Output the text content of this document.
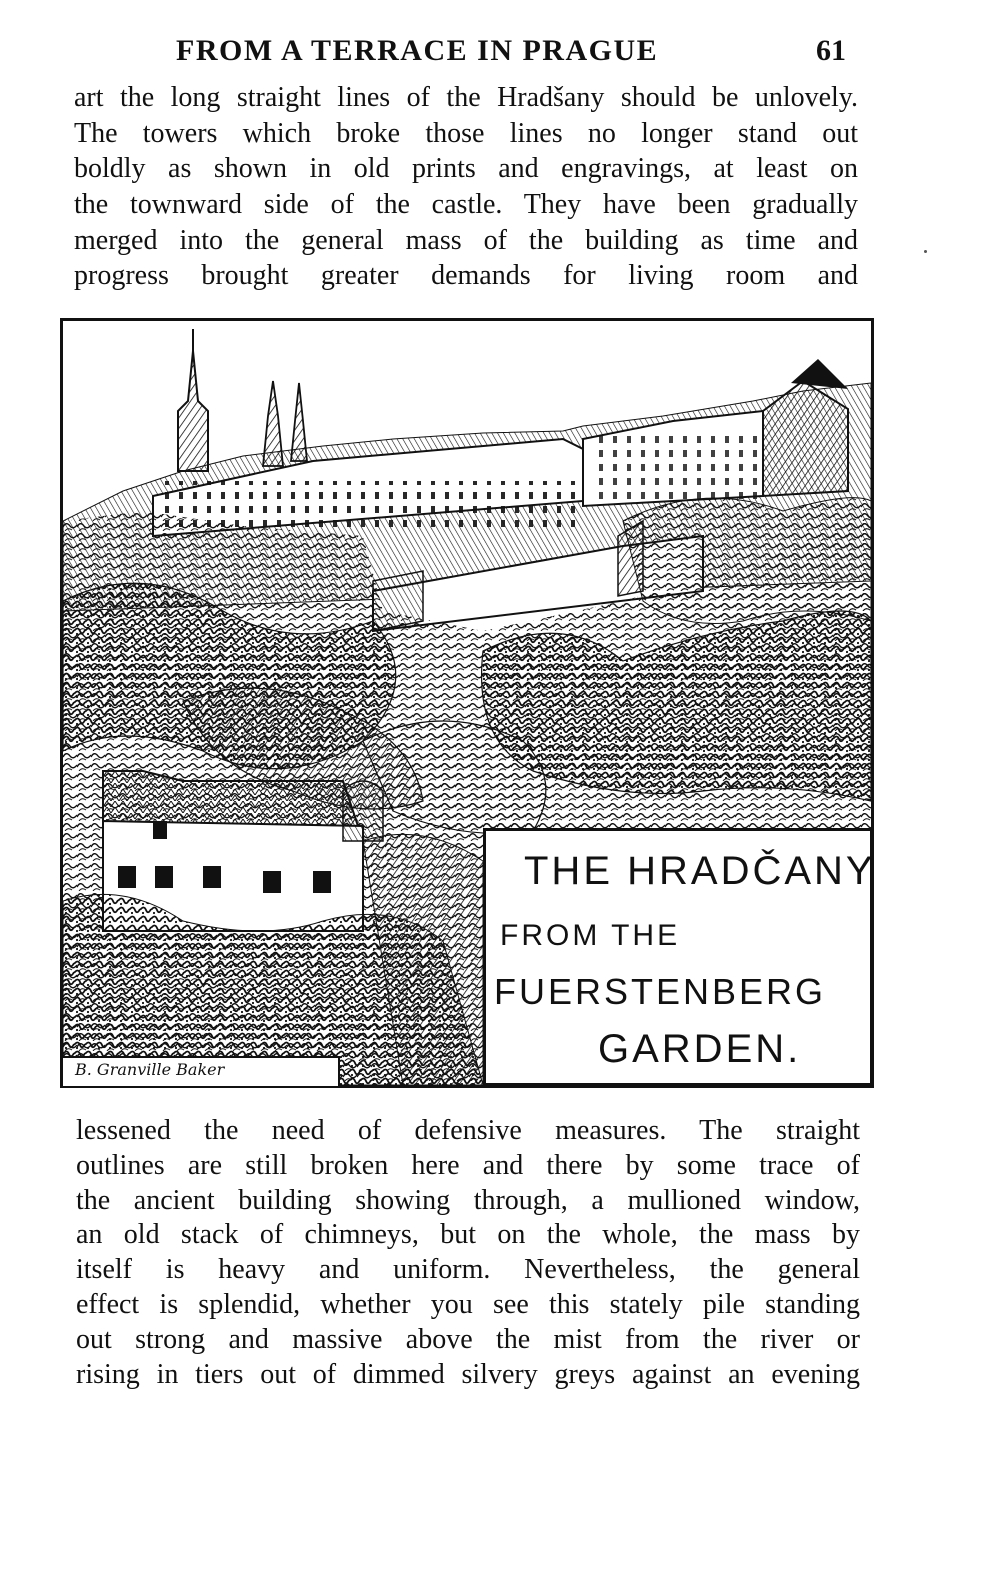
FROM A TERRACE IN PRAGUE	61
art the long straight lines of the Hradšany should be unlovely.
The towers which broke those lines no longer stand out
boldly as shown in old prints and engravings, at least on
the townward side of the castle. They have been gradually
merged into the general mass of the building as time and
progress brought greater demands for living room and
THE HRADČANY
FROM THE
FUERSTENBERG
GARDEN.
B. Granville Baker
lessened the need of defensive measures. The straight
outlines are still broken here and there by some trace of
the ancient building showing through, a mullioned window,
an old stack of chimneys, but on the whole, the mass by
itself is heavy and uniform. Nevertheless, the general
effect is splendid, whether you see this stately pile standing
out strong and massive above the mist from the river or
rising in tiers out of dimmed silvery greys against an evening
